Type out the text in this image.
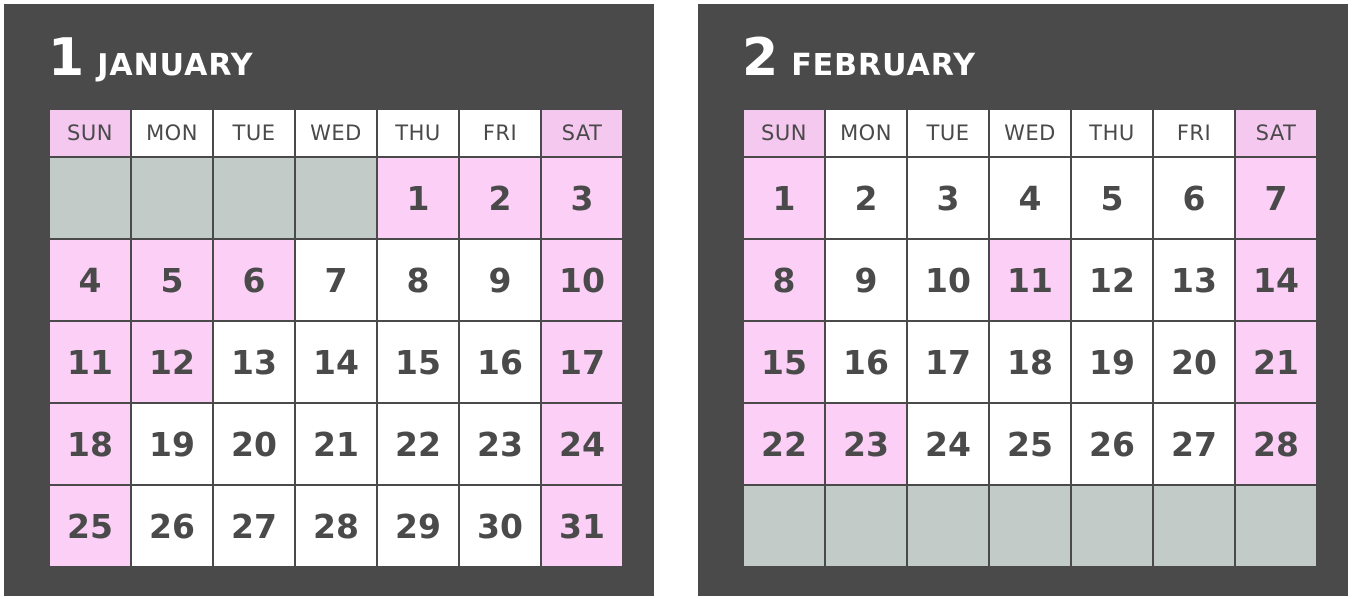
1 JANUARY
SUN	MON	TUE	WED	THU	FRI	SAT
				1	2	3
4	5	6	7	8	9	10
11	12	13	14	15	16	17
18	19	20	21	22	23	24
25	26	27	28	29	30	31
2 FEBRUARY
SUN	MON	TUE	WED	THU	FRI	SAT
1	2	3	4	5	6	7
8	9	10	11	12	13	14
15	16	17	18	19	20	21
22	23	24	25	26	27	28
